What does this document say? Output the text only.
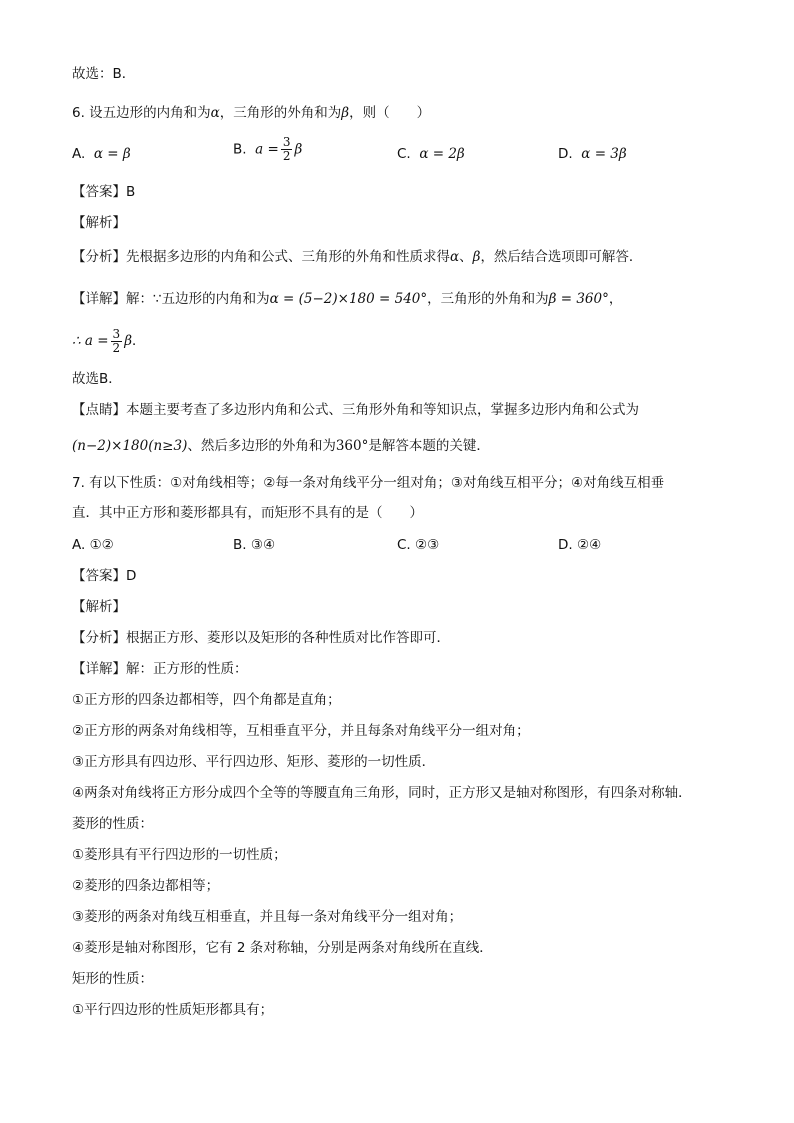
故选：B．
6. 设五边形的内角和为α，三角形的外角和为β，则（　　）
A. α = β	B. $a = \frac{3}{2}$ β	C. α = 2β	D. α = 3β
【答案】B
【解析】
【分析】先根据多边形的内角和公式、三角形的外角和性质求得α、β，然后结合选项即可解答．
【详解】解：∵五边形的内角和为α = (5−2)×180 = 540°，三角形的外角和为β = 360°，
∴ $a = \frac{3}{2}$ β．
故选B．
【点睛】本题主要考查了多边形内角和公式、三角形外角和等知识点，掌握多边形内角和公式为
(n−2)×180(n≥3)、然后多边形的外角和为360°是解答本题的关键．
7. 有以下性质：①对角线相等；②每一条对角线平分一组对角；③对角线互相平分；④对角线互相垂
直．其中正方形和菱形都具有，而矩形不具有的是（　　）
A. ①②	B. ③④	C. ②③	D. ②④
【答案】D
【解析】
【分析】根据正方形、菱形以及矩形的各种性质对比作答即可．
【详解】解：正方形的性质：
①正方形的四条边都相等，四个角都是直角；
②正方形的两条对角线相等，互相垂直平分，并且每条对角线平分一组对角；
③正方形具有四边形、平行四边形、矩形、菱形的一切性质．
④两条对角线将正方形分成四个全等的等腰直角三角形，同时，正方形又是轴对称图形，有四条对称轴．
菱形的性质：
①菱形具有平行四边形的一切性质；
②菱形的四条边都相等；
③菱形的两条对角线互相垂直，并且每一条对角线平分一组对角；
④菱形是轴对称图形，它有 2 条对称轴，分别是两条对角线所在直线．
矩形的性质：
①平行四边形的性质矩形都具有；
